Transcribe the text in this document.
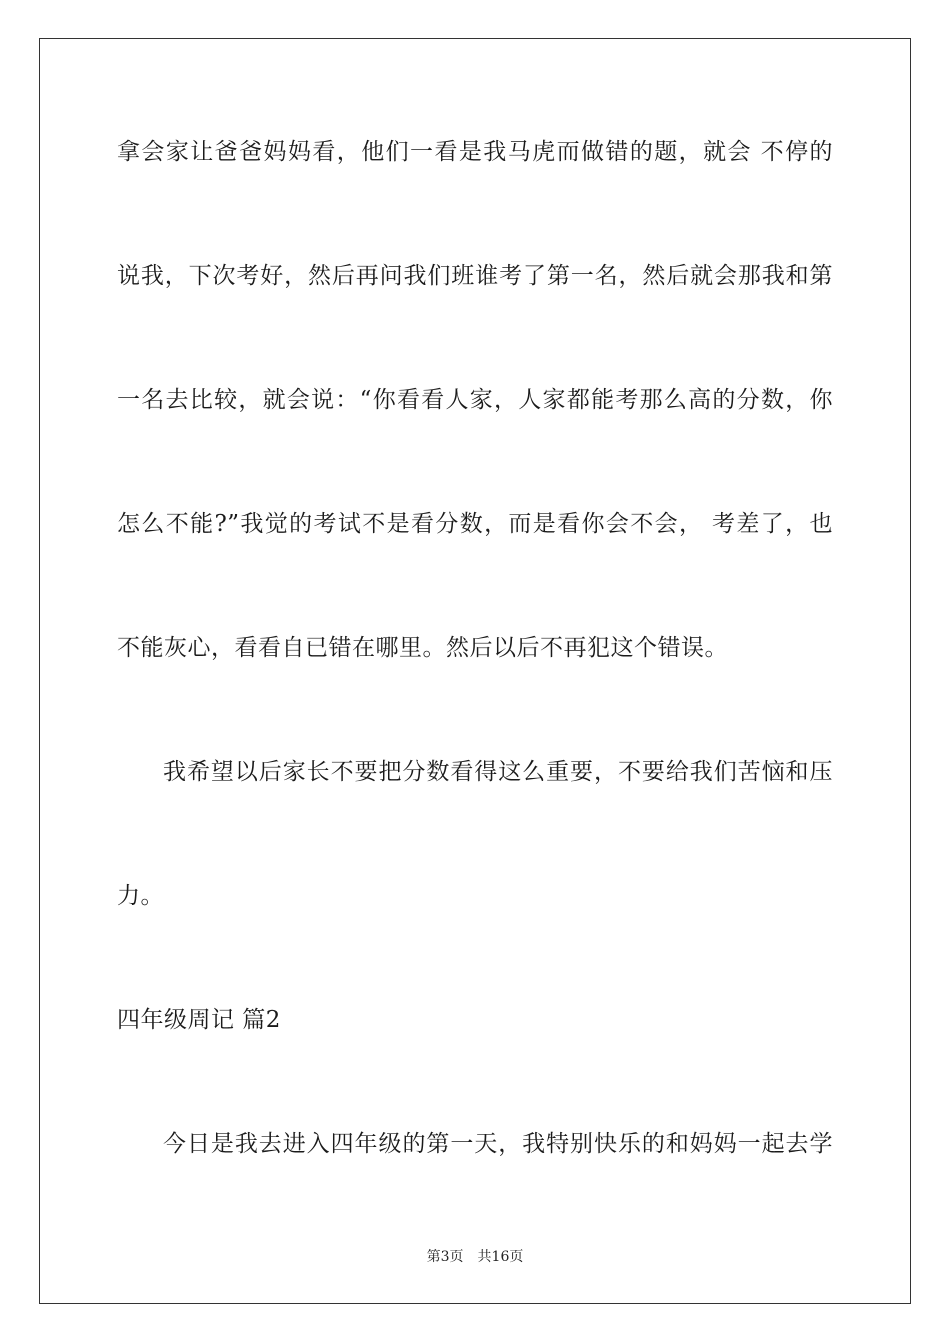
拿会家让爸爸妈妈看，他们一看是我马虎而做错的题，就会 不停的
说我，下次考好，然后再问我们班谁考了第一名，然后就会那我和第
一名去比较，就会说：“你看看人家，人家都能考那么高的分数，你
怎么不能?”我觉的考试不是看分数，而是看你会不会， 考差了，也
不能灰心，看看自已错在哪里。然后以后不再犯这个错误。
我希望以后家长不要把分数看得这么重要，不要给我们苦恼和压
力。
四年级周记 篇2
今日是我去进入四年级的第一天，我特别快乐的和妈妈一起去学
第3页 共16页
